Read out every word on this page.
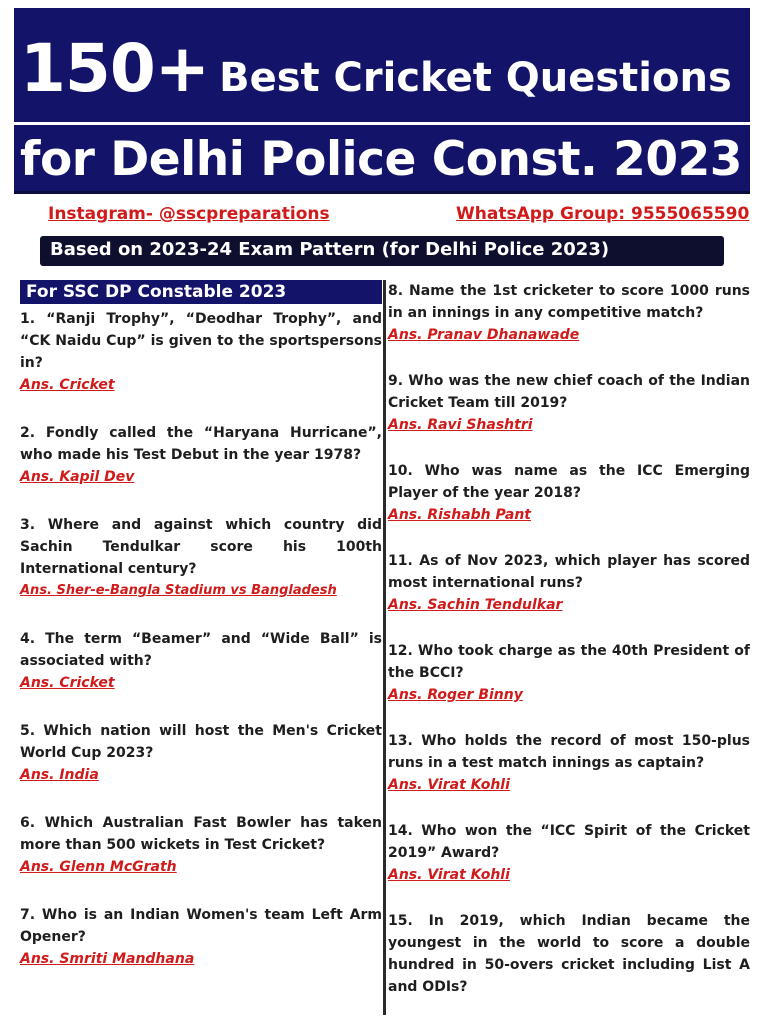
150+ Best Cricket Questions
for Delhi Police Const. 2023
Instagram- @sscpreparations	WhatsApp Group: 9555065590
Based on 2023-24 Exam Pattern (for Delhi Police 2023)
For SSC DP Constable 2023
1. “Ranji Trophy”, “Deodhar Trophy”, and “CK Naidu Cup” is given to the sportspersons in?
Ans. Cricket
2. Fondly called the “Haryana Hurricane”, who made his Test Debut in the year 1978?
Ans. Kapil Dev
3. Where and against which country did Sachin Tendulkar score his 100th International century?
Ans. Sher-e-Bangla Stadium vs Bangladesh
4. The term “Beamer” and “Wide Ball” is associated with?
Ans. Cricket
5. Which nation will host the Men's Cricket World Cup 2023?
Ans. India
6. Which Australian Fast Bowler has taken more than 500 wickets in Test Cricket?
Ans. Glenn McGrath
7. Who is an Indian Women's team Left Arm Opener?
Ans. Smriti Mandhana
8. Name the 1st cricketer to score 1000 runs in an innings in any competitive match?
Ans. Pranav Dhanawade
9. Who was the new chief coach of the Indian Cricket Team till 2019?
Ans. Ravi Shashtri
10. Who was name as the ICC Emerging Player of the year 2018?
Ans. Rishabh Pant
11. As of Nov 2023, which player has scored most international runs?
Ans. Sachin Tendulkar
12. Who took charge as the 40th President of the BCCI?
Ans. Roger Binny
13. Who holds the record of most 150-plus runs in a test match innings as captain?
Ans. Virat Kohli
14. Who won the “ICC Spirit of the Cricket 2019” Award?
Ans. Virat Kohli
15. In 2019, which Indian became the youngest in the world to score a double hundred in 50-overs cricket including List A and ODIs?
